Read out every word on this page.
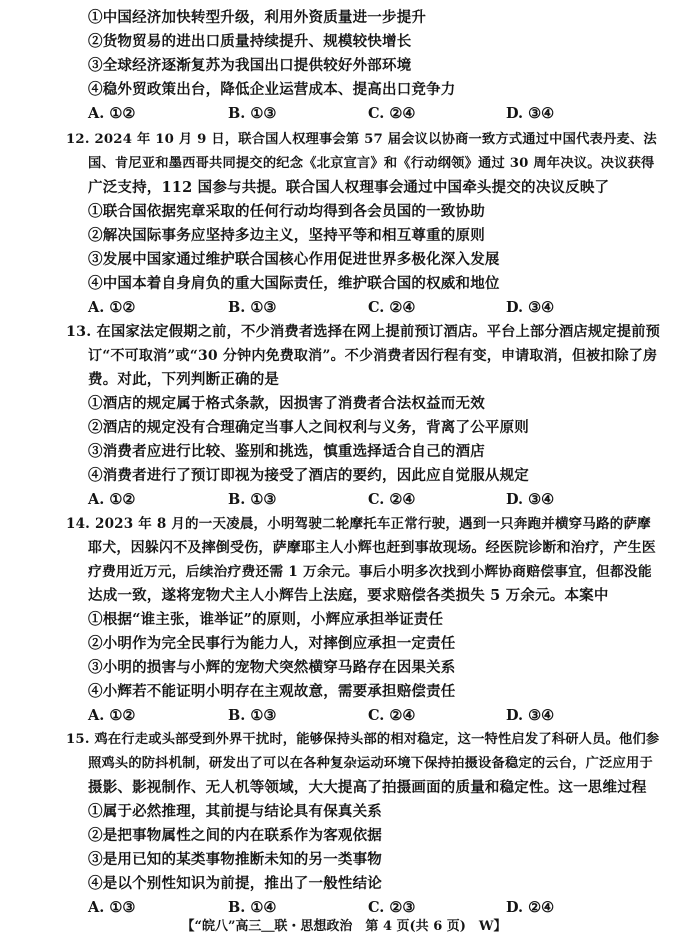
①中国经济加快转型升级，利用外资质量进一步提升
②货物贸易的进出口质量持续提升、规模较快增长
③全球经济逐渐复苏为我国出口提供较好外部环境
④稳外贸政策出台，降低企业运营成本、提高出口竞争力
A. ①②	B. ①③	C. ②④	D. ③④
12. 2024 年 10 月 9 日，联合国人权理事会第 57 届会议以协商一致方式通过中国代表丹麦、法
国、肯尼亚和墨西哥共同提交的纪念《北京宣言》和《行动纲领》通过 30 周年决议。决议获得
广泛支持，112 国参与共提。联合国人权理事会通过中国牵头提交的决议反映了
①联合国依据宪章采取的任何行动均得到各会员国的一致协助
②解决国际事务应坚持多边主义，坚持平等和相互尊重的原则
③发展中国家通过维护联合国核心作用促进世界多极化深入发展
④中国本着自身肩负的重大国际责任，维护联合国的权威和地位
A. ①②	B. ①③	C. ②④	D. ③④
13. 在国家法定假期之前，不少消费者选择在网上提前预订酒店。平台上部分酒店规定提前预
订“不可取消”或“30 分钟内免费取消”。不少消费者因行程有变，申请取消，但被扣除了房
费。对此，下列判断正确的是
①酒店的规定属于格式条款，因损害了消费者合法权益而无效
②酒店的规定没有合理确定当事人之间权利与义务，背离了公平原则
③消费者应进行比较、鉴别和挑选，慎重选择适合自己的酒店
④消费者进行了预订即视为接受了酒店的要约，因此应自觉服从规定
A. ①②	B. ①③	C. ②④	D. ③④
14. 2023 年 8 月的一天凌晨，小明驾驶二轮摩托车正常行驶，遇到一只奔跑并横穿马路的萨摩
耶犬，因躲闪不及摔倒受伤，萨摩耶主人小辉也赶到事故现场。经医院诊断和治疗，产生医
疗费用近万元，后续治疗费还需 1 万余元。事后小明多次找到小辉协商赔偿事宜，但都没能
达成一致，遂将宠物犬主人小辉告上法庭，要求赔偿各类损失 5 万余元。本案中
①根据“谁主张，谁举证”的原则，小辉应承担举证责任
②小明作为完全民事行为能力人，对摔倒应承担一定责任
③小明的损害与小辉的宠物犬突然横穿马路存在因果关系
④小辉若不能证明小明存在主观故意，需要承担赔偿责任
A. ①②	B. ①③	C. ②④	D. ③④
15. 鸡在行走或头部受到外界干扰时，能够保持头部的相对稳定，这一特性启发了科研人员。他们参
照鸡头的防抖机制，研发出了可以在各种复杂运动环境下保持拍摄设备稳定的云台，广泛应用于
摄影、影视制作、无人机等领域，大大提高了拍摄画面的质量和稳定性。这一思维过程
①属于必然推理，其前提与结论具有保真关系
②是把事物属性之间的内在联系作为客观依据
③是用已知的某类事物推断未知的另一类事物
④是以个别性知识为前提，推出了一般性结论
A. ①③	B. ①④	C. ②③	D. ②④
【“皖八”高三＿联・思想政治　第 4 页(共 6 页)　W】
